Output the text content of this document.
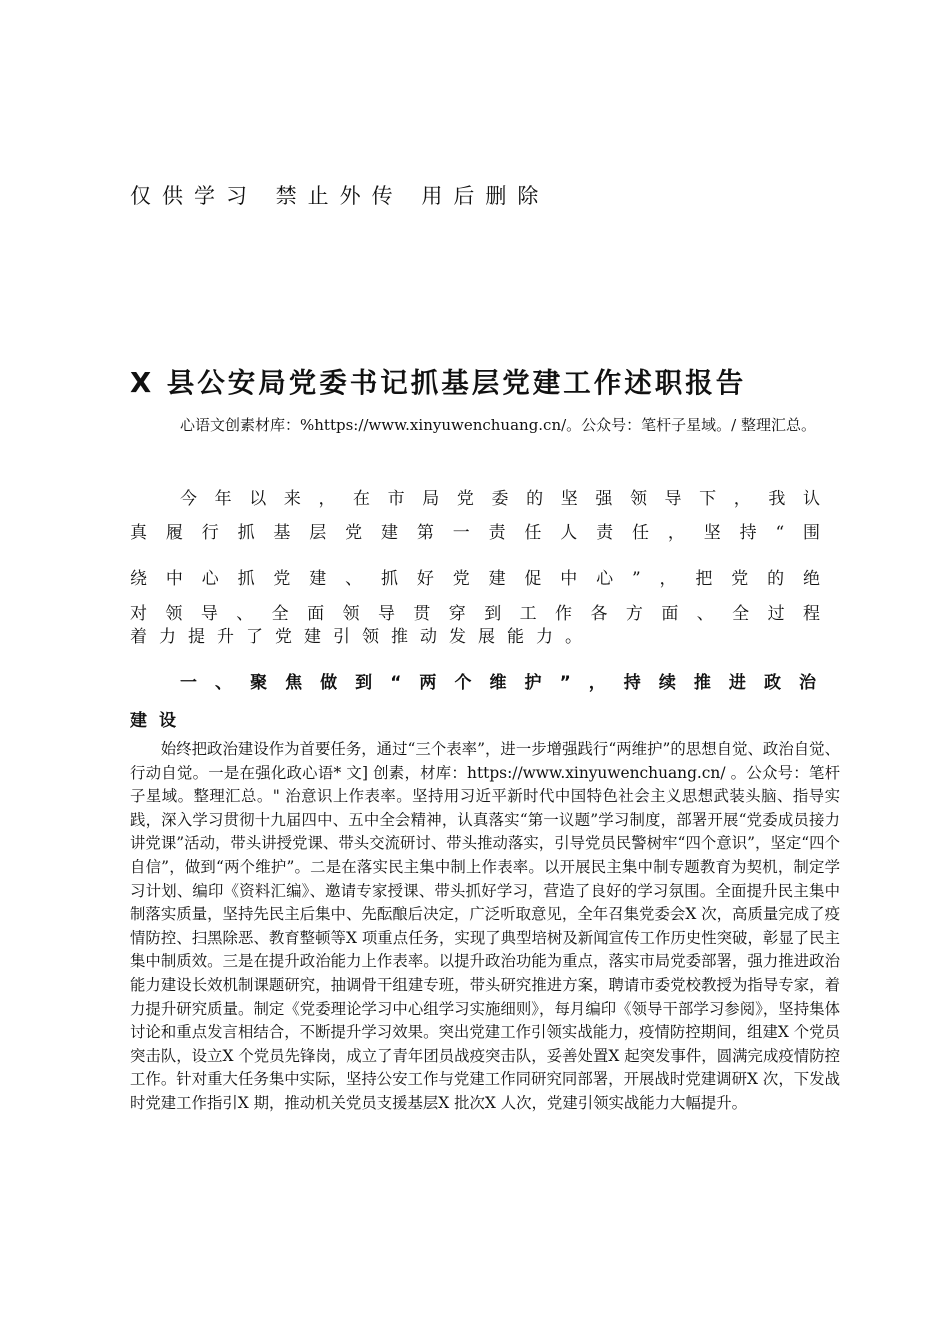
仅供学习 禁止外传 用后删除
X 县公安局党委书记抓基层党建工作述职报告
心语文创素材库：%https://www.xinyuwenchuang.cn/。公众号：笔杆子星域。/ 整理汇总。
今年以来，在市局党委的坚强领导下，我认
真履行抓基层党建第一责任人责任，坚持“围
绕中心抓党建、抓好党建促中心”，把党的绝
对领导、全面领导贯穿到工作各方面、全过程
着力提升了党建引领推动发展能力。
一、聚焦做到“两个维护”，持续推进政治
建设
始终把政治建设作为首要任务，通过“三个表率”，进一步增强践行“两维护”的思想自觉、政治自觉、行动自觉。一是在强化政心语* 文] 创素，材库：https://www.xinyuwenchuang.cn/ 。公众号：笔杆子星域。整理汇总。" 治意识上作表率。坚持用习近平新时代中国特色社会主义思想武装头脑、指导实践，深入学习贯彻十九届四中、五中全会精神，认真落实“第一议题”学习制度，部署开展“党委成员接力讲党课”活动，带头讲授党课、带头交流研讨、带头推动落实，引导党员民警树牢“四个意识”，坚定“四个自信”，做到“两个维护”。二是在落实民主集中制上作表率。以开展民主集中制专题教育为契机，制定学习计划、编印《资料汇编》、邀请专家授课、带头抓好学习，营造了良好的学习氛围。全面提升民主集中制落实质量，坚持先民主后集中、先酝酿后决定，广泛听取意见，全年召集党委会X 次，高质量完成了疫情防控、扫黑除恶、教育整顿等X 项重点任务，实现了典型培树及新闻宣传工作历史性突破，彰显了民主集中制质效。三是在提升政治能力上作表率。以提升政治功能为重点，落实市局党委部署，强力推进政治能力建设长效机制课题研究，抽调骨干组建专班，带头研究推进方案，聘请市委党校教授为指导专家，着力提升研究质量。制定《党委理论学习中心组学习实施细则》，每月编印《领导干部学习参阅》，坚持集体讨论和重点发言相结合，不断提升学习效果。突出党建工作引领实战能力，疫情防控期间，组建X 个党员突击队，设立X 个党员先锋岗，成立了青年团员战疫突击队，妥善处置X 起突发事件，圆满完成疫情防控工作。针对重大任务集中实际，坚持公安工作与党建工作同研究同部署，开展战时党建调研X 次，下发战时党建工作指引X 期，推动机关党员支援基层X 批次X 人次，党建引领实战能力大幅提升。
